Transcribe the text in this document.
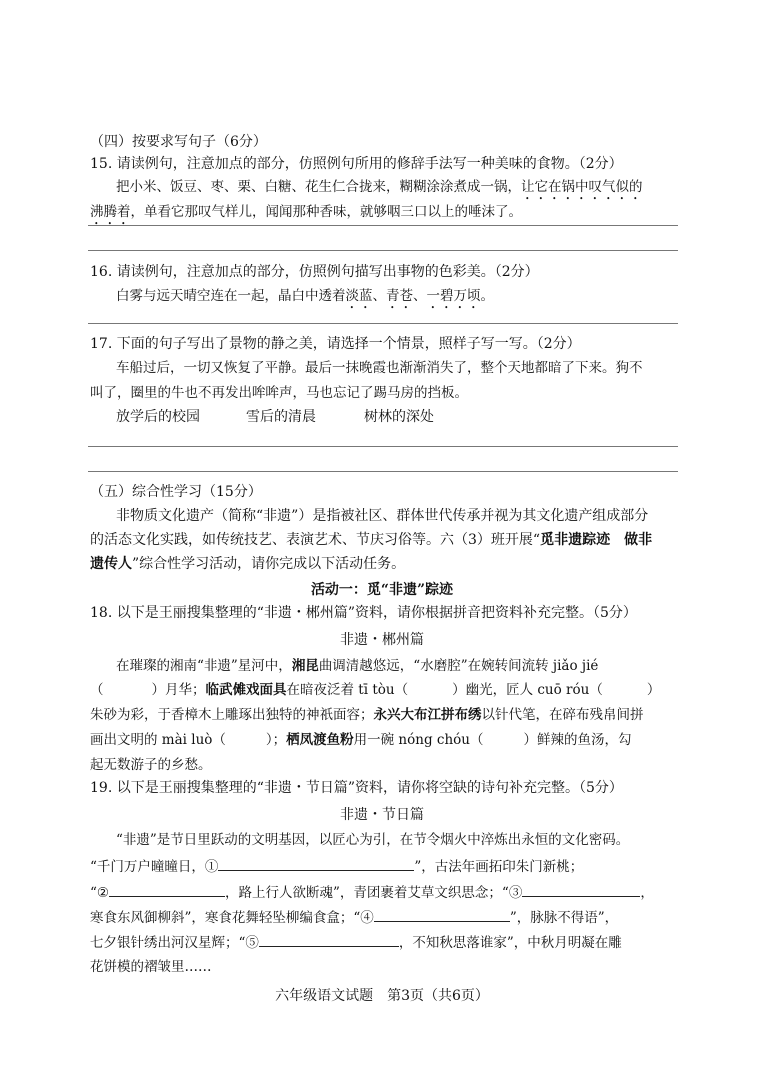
（四）按要求写句子（6分）
15. 请读例句，注意加点的部分，仿照例句所用的修辞手法写一种美味的食物。（2分）
把小米、饭豆、枣、栗、白糖、花生仁合拢来，糊糊涂涂煮成一锅，让它在锅中叹气似的
沸腾着，单看它那叹气样儿，闻闻那种香味，就够咽三口以上的唾沫了。
16. 请读例句，注意加点的部分，仿照例句描写出事物的色彩美。（2分）
白雾与远天晴空连在一起，晶白中透着淡蓝、青苍、一碧万顷。
17. 下面的句子写出了景物的静之美，请选择一个情景，照样子写一写。（2分）
车船过后，一切又恢复了平静。最后一抹晚霞也渐渐消失了，整个天地都暗了下来。狗不
叫了，圈里的牛也不再发出哞哞声，马也忘记了踢马房的挡板。
放学后的校园	雪后的清晨	树林的深处
（五）综合性学习（15分）
非物质文化遗产（简称“非遗”）是指被社区、群体世代传承并视为其文化遗产组成部分
的活态文化实践，如传统技艺、表演艺术、节庆习俗等。六（3）班开展“觅非遗踪迹　做非
遗传人”综合性学习活动，请你完成以下活动任务。
活动一：觅“非遗”踪迹
18. 以下是王丽搜集整理的“非遗・郴州篇”资料，请你根据拼音把资料补充完整。（5分）
非遗・郴州篇
在璀璨的湘南“非遗”星河中，湘昆曲调清越悠远，“水磨腔”在婉转间流转 jiǎo jié
（	）月华；临武傩戏面具在暗夜泛着 tī tòu（	）幽光，匠人 cuō róu（	）
朱砂为彩，于香樟木上雕琢出独特的神祇面容；永兴大布江拼布绣以针代笔，在碎布残帛间拼
画出文明的 mài luò（	）；栖凤渡鱼粉用一碗 nóng chóu（	）鲜辣的鱼汤，勾
起无数游子的乡愁。
19. 以下是王丽搜集整理的“非遗・节日篇”资料，请你将空缺的诗句补充完整。（5分）
非遗・节日篇
“非遗”是节日里跃动的文明基因，以匠心为引，在节令烟火中淬炼出永恒的文化密码。
“千门万户曈曈日，①	”，古法年画拓印朱门新桃；
“②	，路上行人欲断魂”，青团裹着艾草文织思念；“③	，
寒食东风御柳斜”，寒食花舞轻坠柳编食盒；“④	”，脉脉不得语”，
七夕银针绣出河汉星辉；“⑤	，不知秋思落谁家”，中秋月明凝在雕
花饼模的褶皱里……
六年级语文试题　第3页（共6页）
